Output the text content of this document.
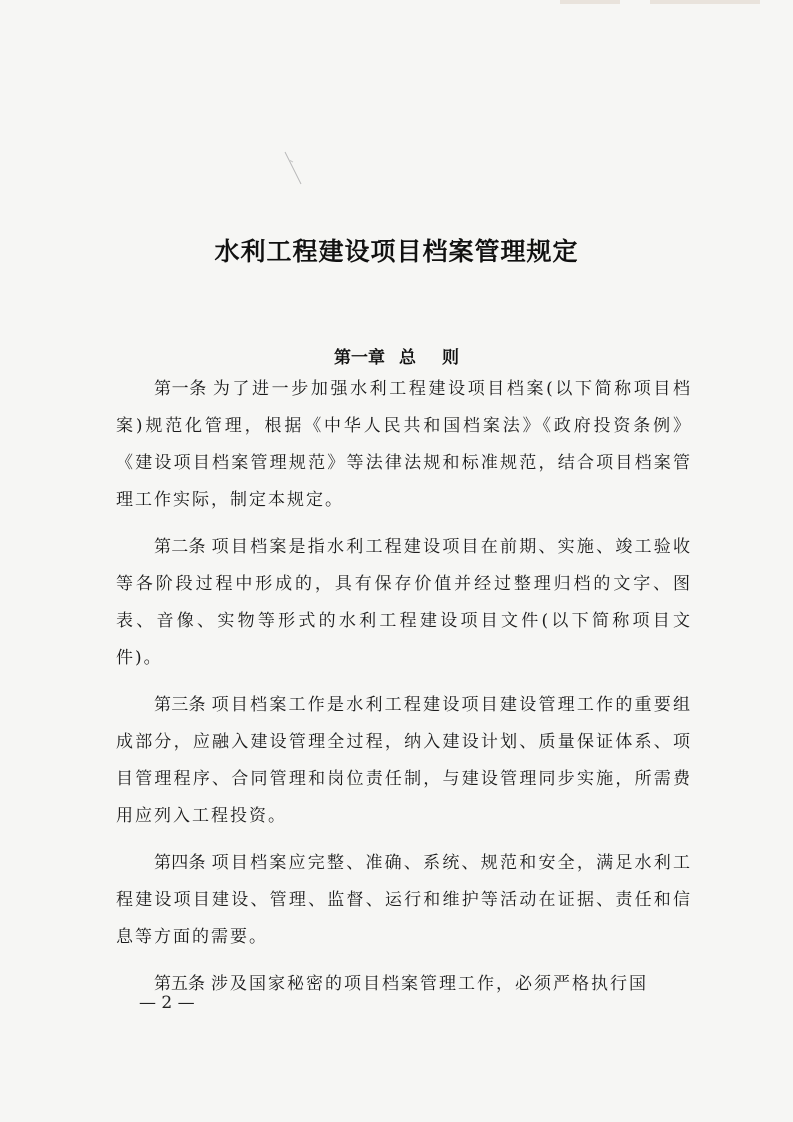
水利工程建设项目档案管理规定
第一章 总 则

第一条 为了进一步加强水利工程建设项目档案(以下简称项目档案)规范化管理，根据《中华人民共和国档案法》《政府投资条例》《建设项目档案管理规范》等法律法规和标准规范，结合项目档案管理工作实际，制定本规定。

第二条 项目档案是指水利工程建设项目在前期、实施、竣工验收等各阶段过程中形成的，具有保存价值并经过整理归档的文字、图表、音像、实物等形式的水利工程建设项目文件(以下简称项目文件)。

第三条 项目档案工作是水利工程建设项目建设管理工作的重要组成部分，应融入建设管理全过程，纳入建设计划、质量保证体系、项目管理程序、合同管理和岗位责任制，与建设管理同步实施，所需费用应列入工程投资。

第四条 项目档案应完整、准确、系统、规范和安全，满足水利工程建设项目建设、管理、监督、运行和维护等活动在证据、责任和信息等方面的需要。

第五条 涉及国家秘密的项目档案管理工作，必须严格执行国

— 2 —
